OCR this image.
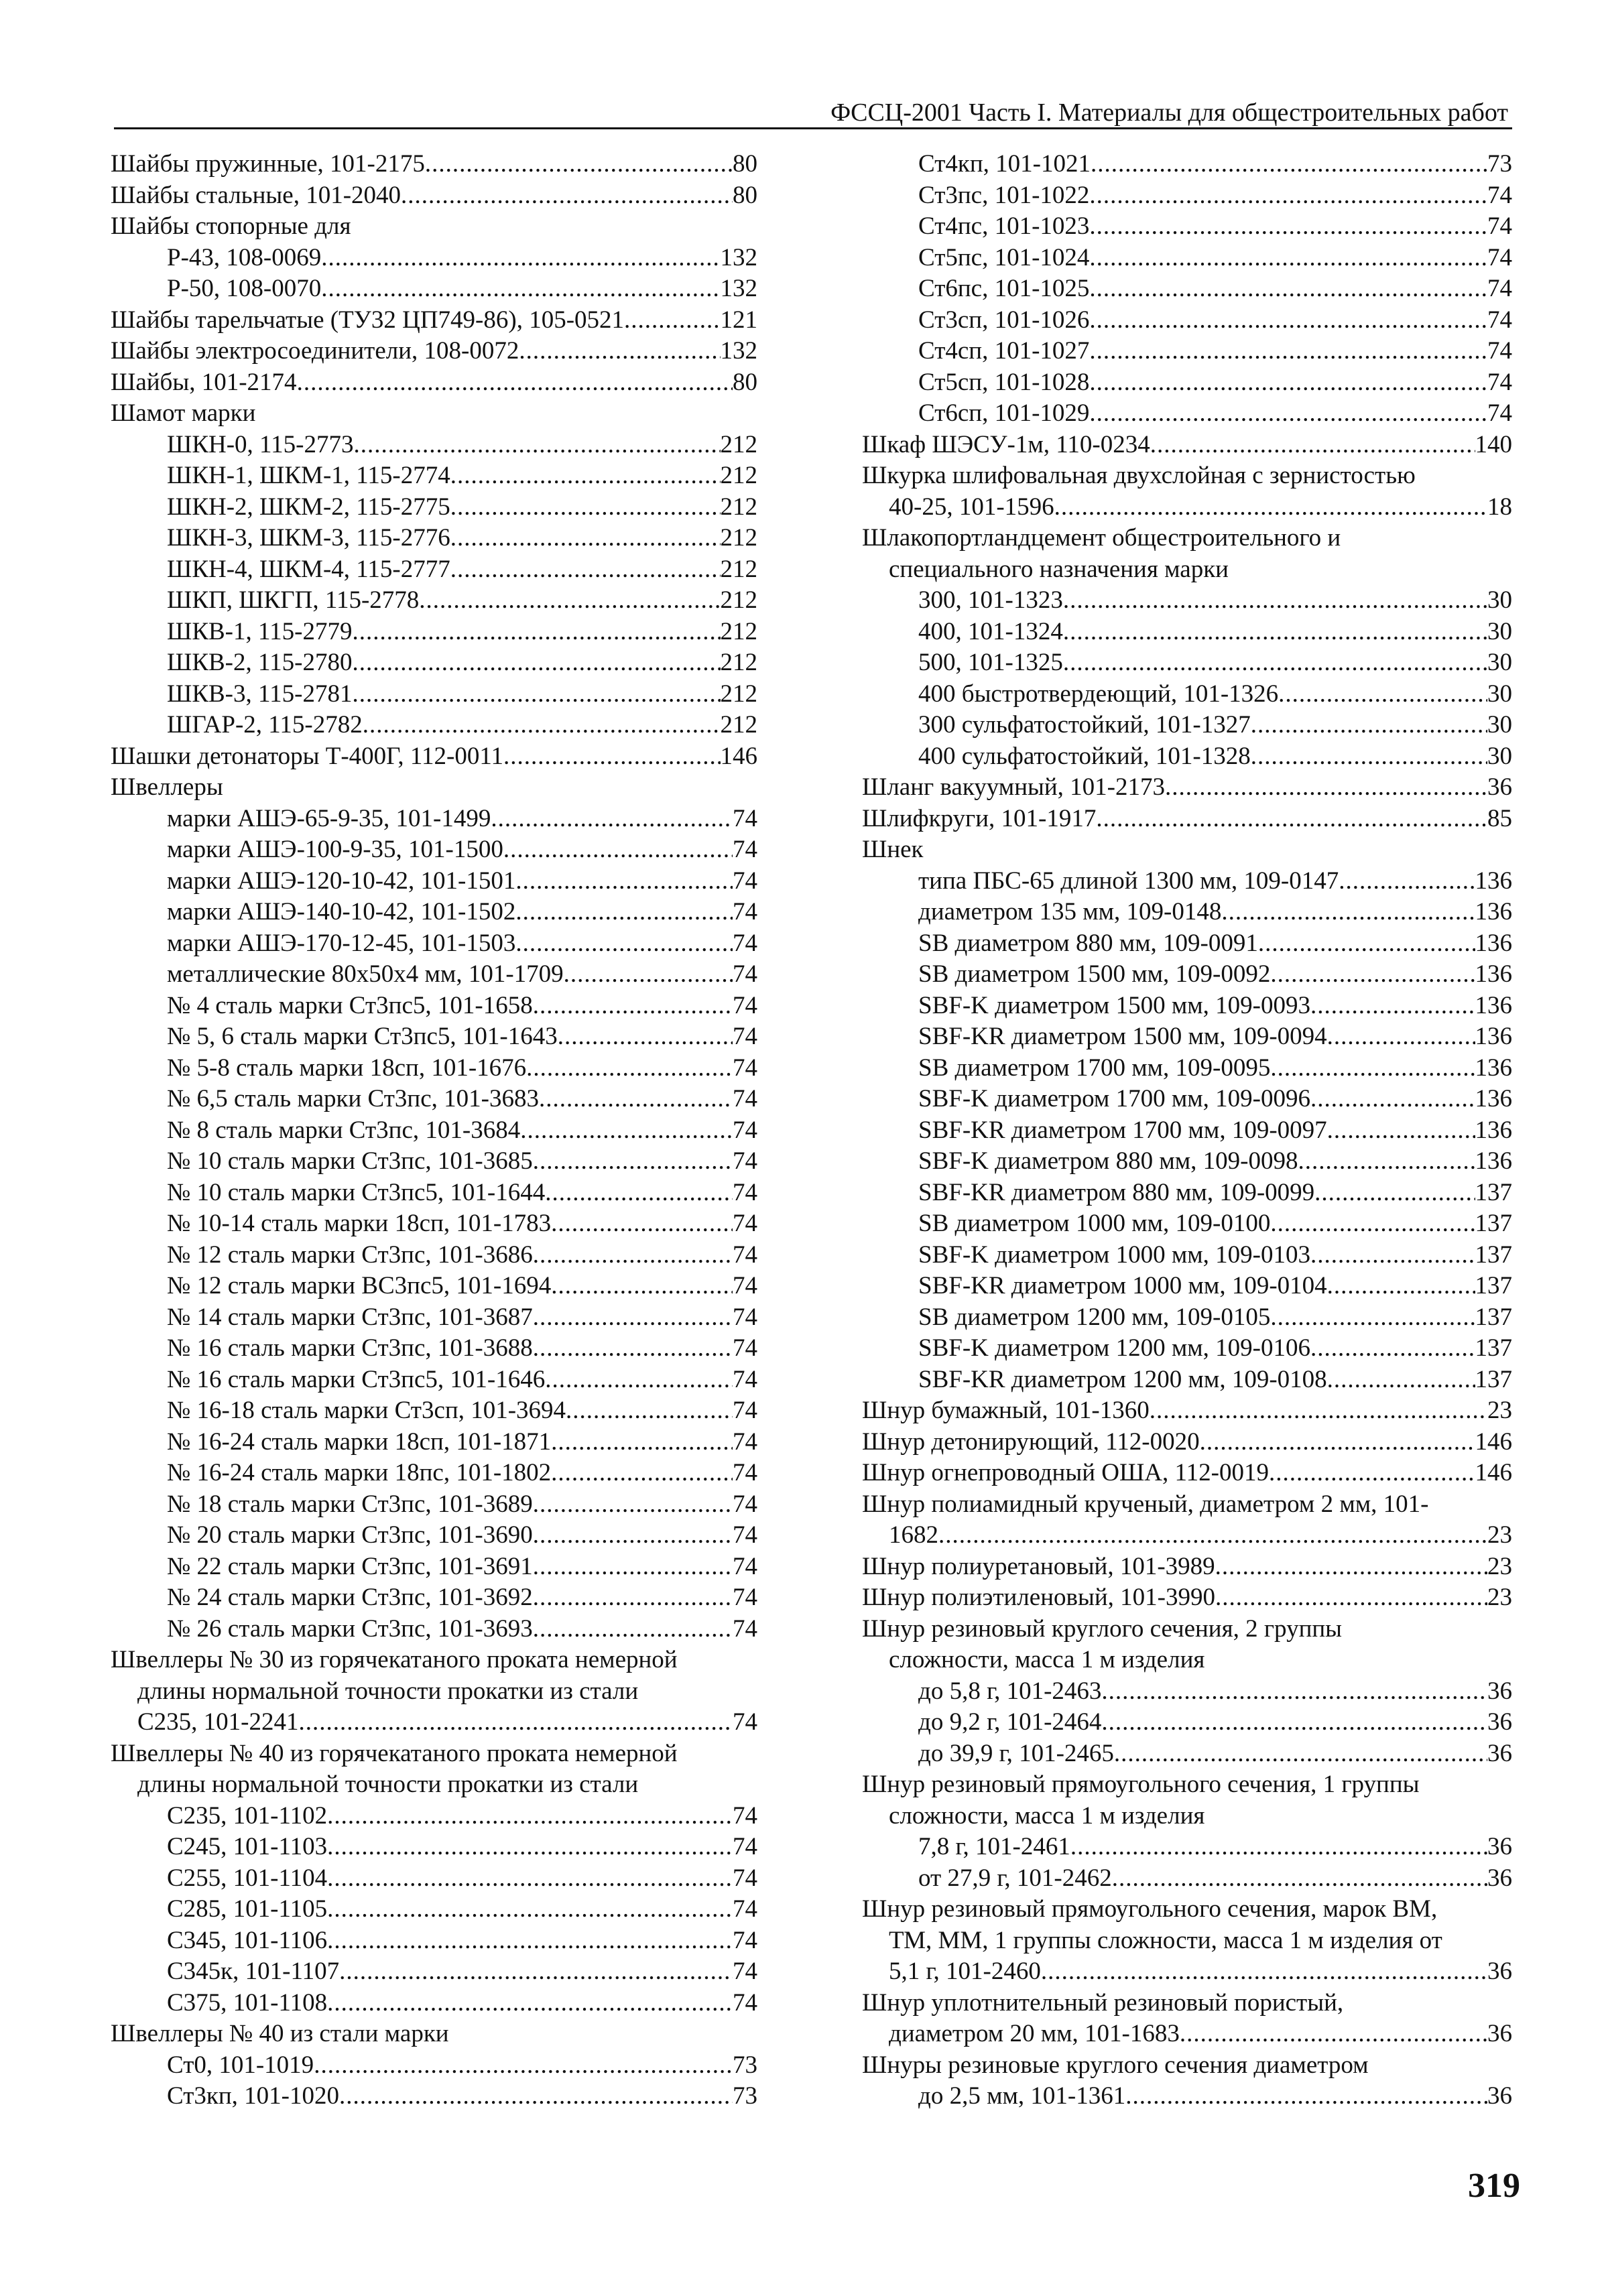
ФССЦ-2001 Часть I. Материалы для общестроительных работ
Шайбы пружинные, 101-2175 .....	80
Шайбы стальные, 101-2040 .....	80
Шайбы стопорные для
Р-43, 108-0069 .....	132
Р-50, 108-0070 .....	132
Шайбы тарельчатые (ТУ32 ЦП749-86), 105-0521 .....	121
Шайбы электросоединители, 108-0072 .....	132
Шайбы, 101-2174 .....	80
Шамот марки
ШКН-0, 115-2773 .....	212
ШКН-1, ШКМ-1, 115-2774 .....	212
ШКН-2, ШКМ-2, 115-2775 .....	212
ШКН-3, ШКМ-3, 115-2776 .....	212
ШКН-4, ШКМ-4, 115-2777 .....	212
ШКП, ШКГП, 115-2778 .....	212
ШКВ-1, 115-2779 .....	212
ШКВ-2, 115-2780 .....	212
ШКВ-3, 115-2781 .....	212
ШГАР-2, 115-2782 .....	212
Шашки детонаторы Т-400Г, 112-0011 .....	146
Швеллеры
марки АШЭ-65-9-35, 101-1499 .....	74
марки АШЭ-100-9-35, 101-1500 .....	74
марки АШЭ-120-10-42, 101-1501 .....	74
марки АШЭ-140-10-42, 101-1502 .....	74
марки АШЭ-170-12-45, 101-1503 .....	74
металлические 80х50х4 мм, 101-1709 .....	74
№ 4 сталь марки Ст3пс5, 101-1658 .....	74
№ 5, 6 сталь марки Ст3пс5, 101-1643 .....	74
№ 5-8 сталь марки 18сп, 101-1676 .....	74
№ 6,5 сталь марки Ст3пс, 101-3683 .....	74
№ 8 сталь марки Ст3пс, 101-3684 .....	74
№ 10 сталь марки Ст3пс, 101-3685 .....	74
№ 10 сталь марки Ст3пс5, 101-1644 .....	74
№ 10-14 сталь марки 18сп, 101-1783 .....	74
№ 12 сталь марки Ст3пс, 101-3686 .....	74
№ 12 сталь марки ВС3пс5, 101-1694 .....	74
№ 14 сталь марки Ст3пс, 101-3687 .....	74
№ 16 сталь марки Ст3пс, 101-3688 .....	74
№ 16 сталь марки Ст3пс5, 101-1646 .....	74
№ 16-18 сталь марки Ст3сп, 101-3694 .....	74
№ 16-24 сталь марки 18сп, 101-1871 .....	74
№ 16-24 сталь марки 18пс, 101-1802 .....	74
№ 18 сталь марки Ст3пс, 101-3689 .....	74
№ 20 сталь марки Ст3пс, 101-3690 .....	74
№ 22 сталь марки Ст3пс, 101-3691 .....	74
№ 24 сталь марки Ст3пс, 101-3692 .....	74
№ 26 сталь марки Ст3пс, 101-3693 .....	74
Швеллеры № 30 из горячекатаного проката немерной
длины нормальной точности прокатки из стали
С235, 101-2241 .....	74
Швеллеры № 40 из горячекатаного проката немерной
длины нормальной точности прокатки из стали
С235, 101-1102 .....	74
С245, 101-1103 .....	74
С255, 101-1104 .....	74
С285, 101-1105 .....	74
С345, 101-1106 .....	74
С345к, 101-1107 .....	74
С375, 101-1108 .....	74
Швеллеры № 40 из стали марки
Ст0, 101-1019 .....	73
Ст3кп, 101-1020 .....	73
Ст4кп, 101-1021 .....	73
Ст3пс, 101-1022 .....	74
Ст4пс, 101-1023 .....	74
Ст5пс, 101-1024 .....	74
Ст6пс, 101-1025 .....	74
Ст3сп, 101-1026 .....	74
Ст4сп, 101-1027 .....	74
Ст5сп, 101-1028 .....	74
Ст6сп, 101-1029 .....	74
Шкаф ШЭСУ-1м, 110-0234 .....	140
Шкурка шлифовальная двухслойная с зернистостью
40-25, 101-1596 .....	18
Шлакопортландцемент общестроительного и
специального назначения марки
300, 101-1323 .....	30
400, 101-1324 .....	30
500, 101-1325 .....	30
400 быстротвердеющий, 101-1326 .....	30
300 сульфатостойкий, 101-1327 .....	30
400 сульфатостойкий, 101-1328 .....	30
Шланг вакуумный, 101-2173 .....	36
Шлифкруги, 101-1917 .....	85
Шнек
типа ПБС-65 длиной 1300 мм, 109-0147 .....	136
диаметром 135 мм, 109-0148 .....	136
SB диаметром 880 мм, 109-0091 .....	136
SB диаметром 1500 мм, 109-0092 .....	136
SBF-K диаметром 1500 мм, 109-0093 .....	136
SBF-KR диаметром 1500 мм, 109-0094 .....	136
SB диаметром 1700 мм, 109-0095 .....	136
SBF-K диаметром 1700 мм, 109-0096 .....	136
SBF-KR диаметром 1700 мм, 109-0097 .....	136
SBF-K диаметром 880 мм, 109-0098 .....	136
SBF-KR диаметром 880 мм, 109-0099 .....	137
SB диаметром 1000 мм, 109-0100 .....	137
SBF-K диаметром 1000 мм, 109-0103 .....	137
SBF-KR диаметром 1000 мм, 109-0104 .....	137
SB диаметром 1200 мм, 109-0105 .....	137
SBF-K диаметром 1200 мм, 109-0106 .....	137
SBF-KR диаметром 1200 мм, 109-0108 .....	137
Шнур бумажный, 101-1360 .....	23
Шнур детонирующий, 112-0020 .....	146
Шнур огнепроводный ОША, 112-0019 .....	146
Шнур полиамидный крученый, диаметром 2 мм, 101-
1682 .....	23
Шнур полиуретановый, 101-3989 .....	23
Шнур полиэтиленовый, 101-3990 .....	23
Шнур резиновый круглого сечения, 2 группы
сложности, масса 1 м изделия
до 5,8 г, 101-2463 .....	36
до 9,2 г, 101-2464 .....	36
до 39,9 г, 101-2465 .....	36
Шнур резиновый прямоугольного сечения, 1 группы
сложности, масса 1 м изделия
7,8 г, 101-2461 .....	36
от 27,9 г, 101-2462 .....	36
Шнур резиновый прямоугольного сечения, марок ВМ,
ТМ, ММ, 1 группы сложности, масса 1 м изделия от
5,1 г, 101-2460 .....	36
Шнур уплотнительный резиновый пористый,
диаметром 20 мм, 101-1683 .....	36
Шнуры резиновые круглого сечения диаметром
до 2,5 мм, 101-1361 .....	36
319
